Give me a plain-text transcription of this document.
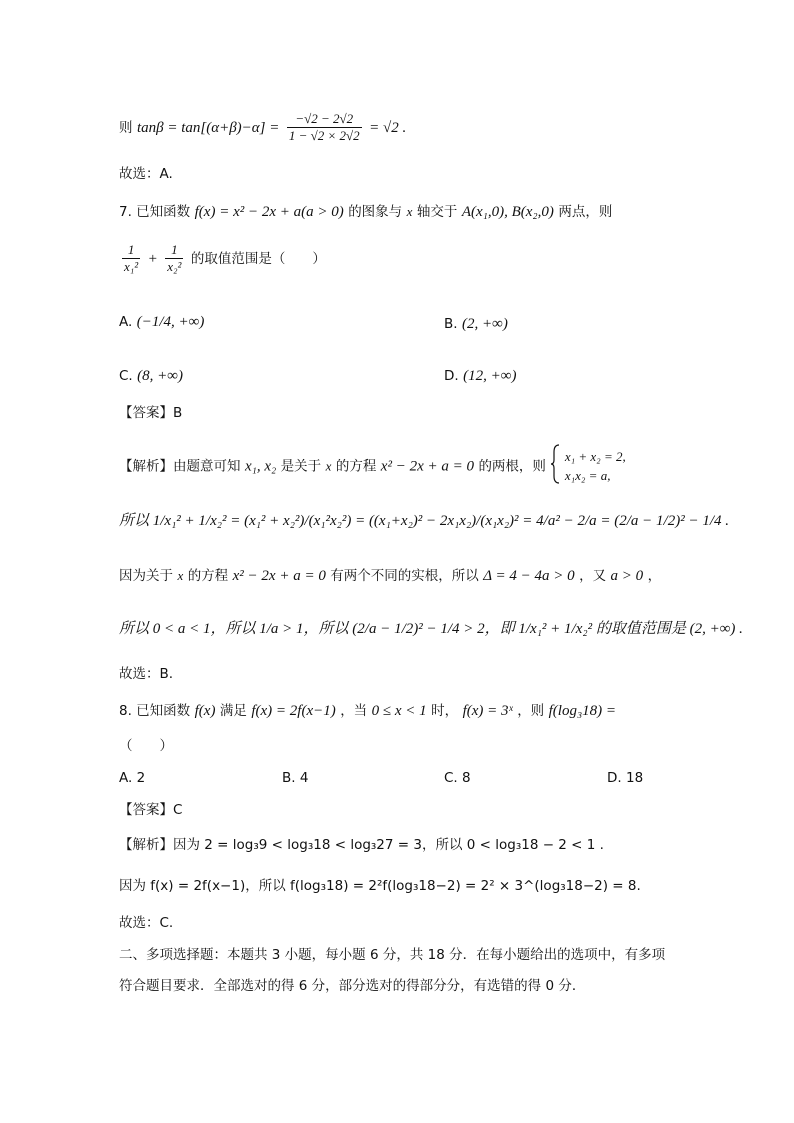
则 $\tan\beta = \tan[(\alpha+\beta)-\alpha] = \frac{-√2 - 2√2}{1 - √2 \times 2√2} = √2$ .
故选：A.
7. 已知函数 f(x) = x² − 2x + a(a > 0) 的图象与 x 轴交于 A(x₁,0), B(x₂,0) 两点，则
$\frac{1}{\text{x₁²}} + \frac{1}{\text{x₂²}}$ 的取值范围是（　　）
A. (−1/4, +∞)	B. (2, +∞)
C. (8, +∞)	D. (12, +∞)
【答案】B
【解析】由题意可知 x₁, x₂ 是关于 x 的方程 x² − 2x + a = 0 的两根，则
x₁ + x₂ = 2,
x₁x₂ = a,
所以 1/x₁² + 1/x₂² = (x₁² + x₂²)/(x₁²x₂²) = ((x₁+x₂)² − 2x₁x₂)/(x₁x₂)² = 4/a² − 2/a = (2/a − 1/2)² − 1/4 .
因为关于 x 的方程 x² − 2x + a = 0 有两个不同的实根，所以 Δ = 4 − 4a > 0 ，又 a > 0 ，
所以 0 < a < 1，所以 1/a > 1，所以 (2/a − 1/2)² − 1/4 > 2，即 1/x₁² + 1/x₂² 的取值范围是 (2, +∞) .
故选：B.
8. 已知函数 f(x) 满足 f(x) = 2f(x−1) ，当 0 ≤ x < 1 时， f(x) = 3ˣ ，则 f(log₃18) =
（　　）
A. 2	B. 4	C. 8	D. 18
【答案】C
【解析】因为 2 = log₃9 < log₃18 < log₃27 = 3，所以 0 < log₃18 − 2 < 1 .
因为 f(x) = 2f(x−1)，所以 f(log₃18) = 2²f(log₃18−2) = 2² × 3^(log₃18−2) = 8.
故选：C.
二、多项选择题：本题共 3 小题，每小题 6 分，共 18 分．在每小题给出的选项中，有多项
符合题目要求．全部选对的得 6 分，部分选对的得部分分，有选错的得 0 分．
